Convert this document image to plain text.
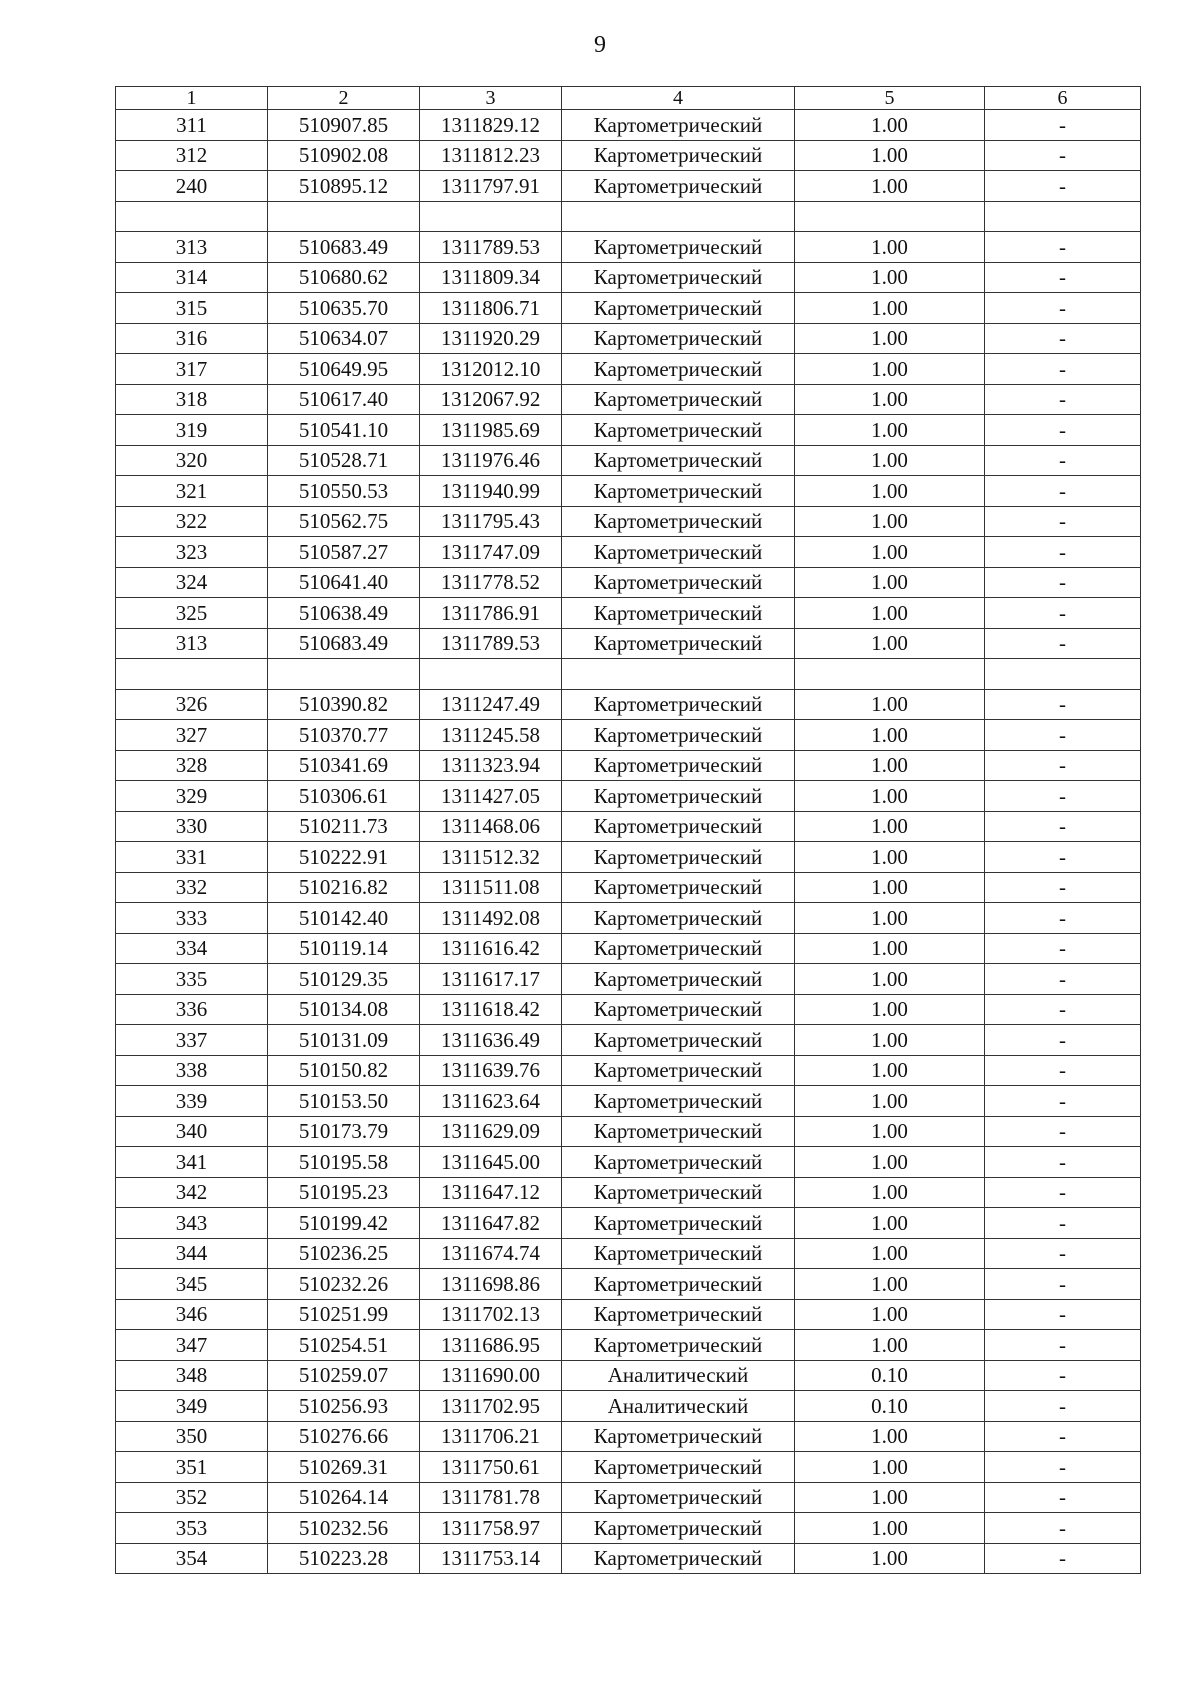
9
1	2	3	4	5	6
311	510907.85	1311829.12	Картометрический	1.00	-
312	510902.08	1311812.23	Картометрический	1.00	-
240	510895.12	1311797.91	Картометрический	1.00	-

313	510683.49	1311789.53	Картометрический	1.00	-
314	510680.62	1311809.34	Картометрический	1.00	-
315	510635.70	1311806.71	Картометрический	1.00	-
316	510634.07	1311920.29	Картометрический	1.00	-
317	510649.95	1312012.10	Картометрический	1.00	-
318	510617.40	1312067.92	Картометрический	1.00	-
319	510541.10	1311985.69	Картометрический	1.00	-
320	510528.71	1311976.46	Картометрический	1.00	-
321	510550.53	1311940.99	Картометрический	1.00	-
322	510562.75	1311795.43	Картометрический	1.00	-
323	510587.27	1311747.09	Картометрический	1.00	-
324	510641.40	1311778.52	Картометрический	1.00	-
325	510638.49	1311786.91	Картометрический	1.00	-
313	510683.49	1311789.53	Картометрический	1.00	-

326	510390.82	1311247.49	Картометрический	1.00	-
327	510370.77	1311245.58	Картометрический	1.00	-
328	510341.69	1311323.94	Картометрический	1.00	-
329	510306.61	1311427.05	Картометрический	1.00	-
330	510211.73	1311468.06	Картометрический	1.00	-
331	510222.91	1311512.32	Картометрический	1.00	-
332	510216.82	1311511.08	Картометрический	1.00	-
333	510142.40	1311492.08	Картометрический	1.00	-
334	510119.14	1311616.42	Картометрический	1.00	-
335	510129.35	1311617.17	Картометрический	1.00	-
336	510134.08	1311618.42	Картометрический	1.00	-
337	510131.09	1311636.49	Картометрический	1.00	-
338	510150.82	1311639.76	Картометрический	1.00	-
339	510153.50	1311623.64	Картометрический	1.00	-
340	510173.79	1311629.09	Картометрический	1.00	-
341	510195.58	1311645.00	Картометрический	1.00	-
342	510195.23	1311647.12	Картометрический	1.00	-
343	510199.42	1311647.82	Картометрический	1.00	-
344	510236.25	1311674.74	Картометрический	1.00	-
345	510232.26	1311698.86	Картометрический	1.00	-
346	510251.99	1311702.13	Картометрический	1.00	-
347	510254.51	1311686.95	Картометрический	1.00	-
348	510259.07	1311690.00	Аналитический	0.10	-
349	510256.93	1311702.95	Аналитический	0.10	-
350	510276.66	1311706.21	Картометрический	1.00	-
351	510269.31	1311750.61	Картометрический	1.00	-
352	510264.14	1311781.78	Картометрический	1.00	-
353	510232.56	1311758.97	Картометрический	1.00	-
354	510223.28	1311753.14	Картометрический	1.00	-
